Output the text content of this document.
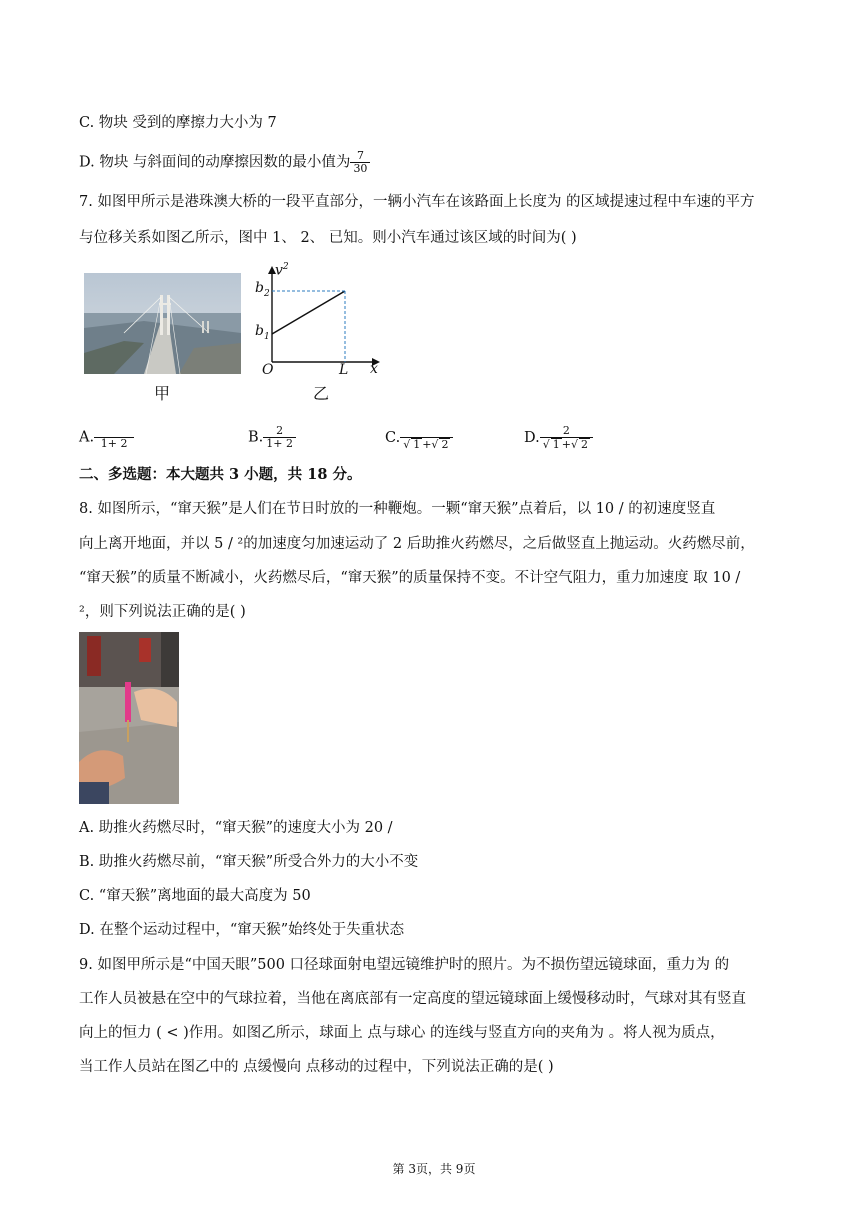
C. 物块 受到的摩擦力大小为 7
D. 物块 与斜面间的动摩擦因数的最小值为 $\frac{7}{30}$
7. 如图甲所示是港珠澳大桥的一段平直部分，一辆小汽车在该路面上长度为 的区域提速过程中车速的平方
与位移关系如图乙所示，图中 1、 2、 已知。则小汽车通过该区域的时间为( )
甲
$v^2$
$b_2$
$b_1$
O	L x
乙
A.
1+ 2	B. $\frac{2}{1+ 2}$	C.
√ 1 +√ 2	D. $\frac{2}{√ 1 +√ 2}$
二、多选题：本大题共 3 小题，共 18 分。
8. 如图所示，“窜天猴”是人们在节日时放的一种鞭炮。一颗“窜天猴”点着后，以 10 / 的初速度竖直
向上离开地面，并以 5 / ²的加速度匀加速运动了 2 后助推火药燃尽，之后做竖直上抛运动。火药燃尽前，
“窜天猴”的质量不断减小，火药燃尽后，“窜天猴”的质量保持不变。不计空气阻力，重力加速度 取 10 /
²，则下列说法正确的是( )
A. 助推火药燃尽时，“窜天猴”的速度大小为 20 /
B. 助推火药燃尽前，“窜天猴”所受合外力的大小不变
C. “窜天猴”离地面的最大高度为 50
D. 在整个运动过程中，“窜天猴”始终处于失重状态
9. 如图甲所示是“中国天眼”500 口径球面射电望远镜维护时的照片。为不损伤望远镜球面，重力为 的
工作人员被悬在空中的气球拉着，当他在离底部有一定高度的望远镜球面上缓慢移动时，气球对其有竖直
向上的恒力 ( < )作用。如图乙所示，球面上 点与球心 的连线与竖直方向的夹角为 。将人视为质点，
当工作人员站在图乙中的 点缓慢向 点移动的过程中，下列说法正确的是( )
第 3页，共 9页
